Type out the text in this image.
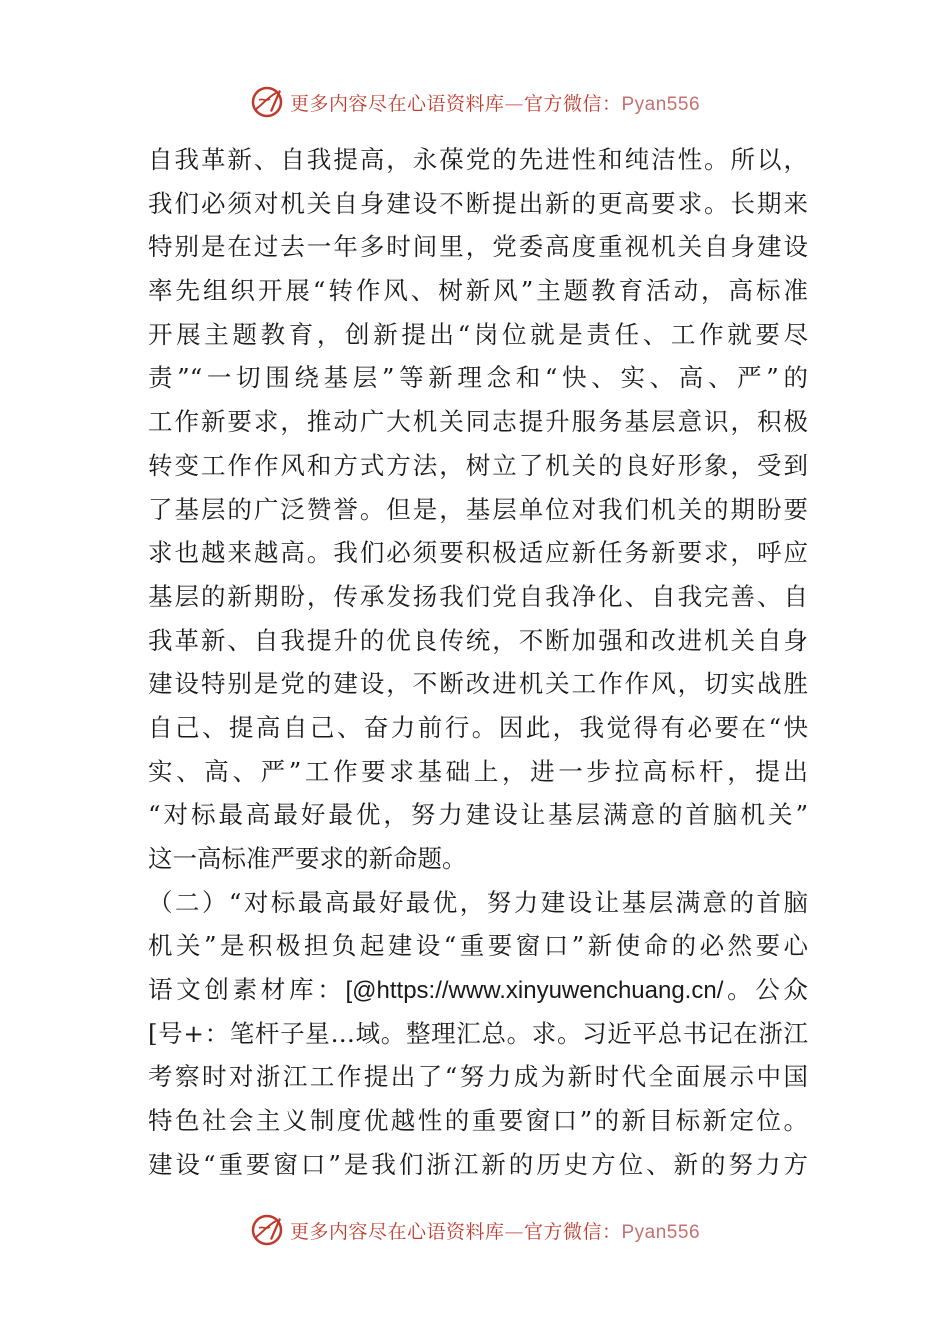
更多内容尽在心语资料库—官方微信：Pyan556
自我革新、自我提高，永葆党的先进性和纯洁性。所以，
我们必须对机关自身建设不断提出新的更高要求。长期来
特别是在过去一年多时间里，党委高度重视机关自身建设
率先组织开展“转作风、树新风”主题教育活动，高标准
开展主题教育，创新提出“岗位就是责任、工作就要尽
责”“一切围绕基层”等新理念和“快、实、高、严”的
工作新要求，推动广大机关同志提升服务基层意识，积极
转变工作作风和方式方法，树立了机关的良好形象，受到
了基层的广泛赞誉。但是，基层单位对我们机关的期盼要
求也越来越高。我们必须要积极适应新任务新要求，呼应
基层的新期盼，传承发扬我们党自我净化、自我完善、自
我革新、自我提升的优良传统，不断加强和改进机关自身
建设特别是党的建设，不断改进机关工作作风，切实战胜
自己、提高自己、奋力前行。因此，我觉得有必要在“快
实、高、严”工作要求基础上，进一步拉高标杆，提出
“对标最高最好最优，努力建设让基层满意的首脑机关”
这一高标准严要求的新命题。
（二）“对标最高最好最优，努力建设让基层满意的首脑
机关”是积极担负起建设“重要窗口”新使命的必然要心
语文创素材库：[@https://www.xinyuwenchuang.cn/。公众
[号+：笔杆子星…域。整理汇总。求。习近平总书记在浙江
考察时对浙江工作提出了“努力成为新时代全面展示中国
特色社会主义制度优越性的重要窗口”的新目标新定位。
建设“重要窗口”是我们浙江新的历史方位、新的努力方
更多内容尽在心语资料库—官方微信：Pyan556
